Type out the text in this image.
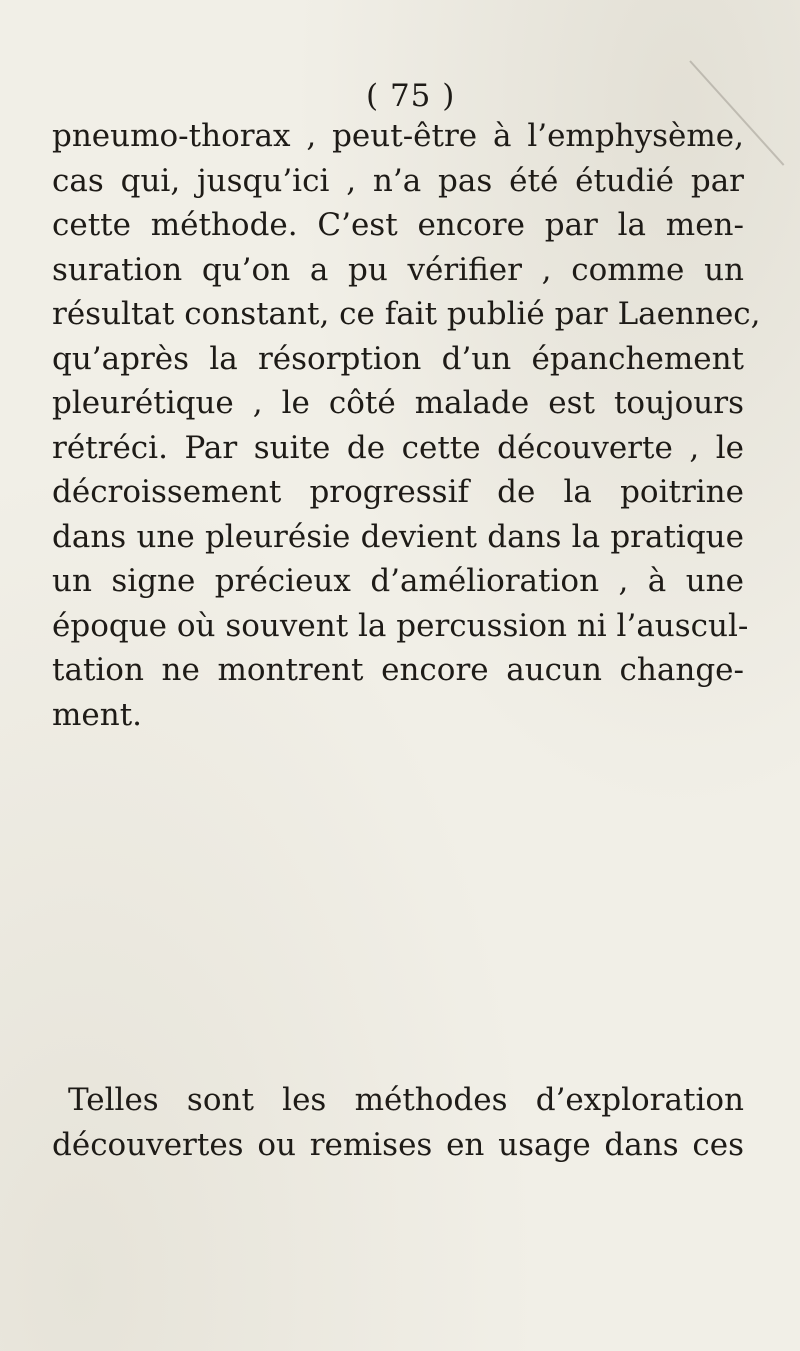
( 75 )
pneumo-thorax , peut-être à l’emphysème,
cas qui, jusqu’ici , n’a pas été étudié par
cette méthode. C’est encore par la men-
suration qu’on a pu vérifier , comme un
résultat constant, ce fait publié par Laennec,
qu’après la résorption d’un épanchement
pleurétique , le côté malade est toujours
rétréci. Par suite de cette découverte , le
décroissement progressif de la poitrine
dans une pleurésie devient dans la pratique
un signe précieux d’amélioration , à une
époque où souvent la percussion ni l’auscul-
tation ne montrent encore aucun change-
ment.
Telles sont les méthodes d’exploration
découvertes ou remises en usage dans ces
